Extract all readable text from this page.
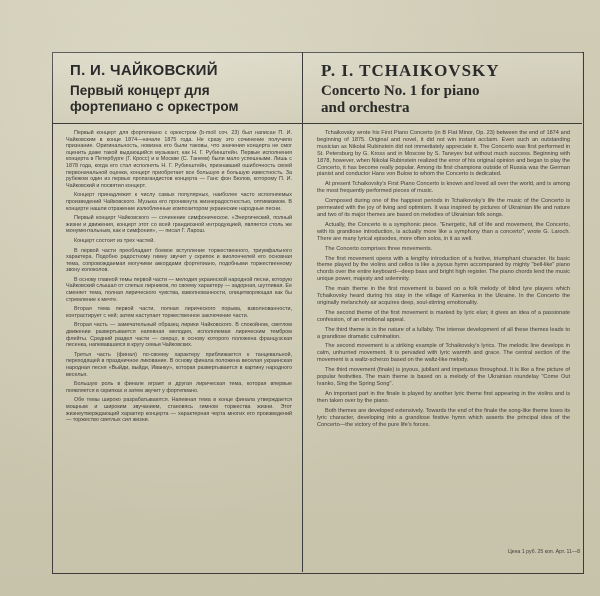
П. И. ЧАЙКОВСКИЙ
Первый концерт для
фортепиано с оркестром

Первый концерт для фортепиано с оркестром (b-moll соч. 23) был написан П. И. Чайковским в конце 1874—начале 1875 года. Не сразу это сочинение получило признание. Оригинальность, новизна его были таковы, что значения концерта не смог оценить даже такой выдающийся музыкант, как Н. Г. Рубинштейн. Первые исполнения концерта в Петербурге (Г. Кросс) и в Москве (С. Танеев) были мало успешными. Лишь с 1878 года, когда его стал исполнять Н. Г. Рубинштейн, признавший ошибочность своей первоначальной оценки, концерт приобретает все большую и большую известность. За рубежом один из первых пропагандистов концерта — Ганс фон Бюлов, которому П. И. Чайковский и посвятил концерт.

Концерт принадлежит к числу самых популярных, наиболее часто исполняемых произведений Чайковского. Музыка его проникнута жизнерадостностью, оптимизмом. В концерте нашли отражение излюбленные композитором украинские народные песни.

Первый концерт Чайковского — сочинение симфоническое. «Энергический, полный жизни и движения, концерт этот со всей грандиозной интродукцией, является столь же монументальным, как и симфония», — писал Г. Ларош.

Концерт состоит из трех частей.

В первой части преобладает боевое вступление торжественного, триумфального характера. Подобно радостному гимну звучит у скрипок и виолончелей его основная тема, сопровождаемая могучими аккордами фортепиано, подобными торжественному звону колоколов.

В основу главной темы первой части — мелодия украинской народной песни, которую Чайковский слышал от слепых лирников, по своему характеру — задорная, шутливая. Ее сменяет тема, полная лирического чувства, взволнованности, олицетворяющая как бы стремление к мечте.

Вторая тема первой части, полная лирического порыва, взволнованности, контрастирует с ней; затем наступает торжественное заключение части.

Вторая часть — замечательный образец лирики Чайковского. В спокойном, светлом движении развертывается напевная мелодия, исполняемая лирическим тембром флейты. Средний раздел части — скерцо, в основу которого положена французская песенка, напевавшаяся в кругу семьи Чайковских.

Третья часть (финал) по-своему характеру приближается к танцевальной, переходящей в праздничное ликование. В основу финала положена веселая украинская народная песня «Выйди, выйди, Иванку», которая развертывается в картину народного веселья.

Большую роль в финале играет и другая лирическая тема, которая впервые появляется в скрипках и затем звучит у фортепиано.

Обе темы широко разрабатываются. Напевная тема в конце финала утверждается мощным и широким звучанием, становясь гимном торжества жизни. Этот жизнеутверждающий характер концерта — характерная черта многих его произведений — торжество светлых сил жизни.

P. I. TCHAIKOVSKY
Concerto No. 1 for piano
and orchestra

Tchaikovsky wrote his First Piano Concerto (in B Flat Minor, Op. 23) between the end of 1874 and beginning of 1875. Original and novel, it did not win instant acclaim. Even such an outstanding musician as Nikolai Rubinstein did not immediately appreciate it. The Concerto was first performed in St. Petersburg by G. Kross and in Moscow by S. Taneyev but without much success. Beginning with 1878, however, when Nikolai Rubinstein realized the error of his original opinion and began to play the Concerto, it has become really popular. Among its first champions outside of Russia was the German pianist and conductor Hans von Bulow to whom the Concerto is dedicated.

At present Tchaikovsky's First Piano Concerto is known and loved all over the world, and is among the most frequently performed pieces of music.

Composed during one of the happiest periods in Tchaikovsky's life the music of the Concerto is permeated with the joy of living and optimism. It was inspired by pictures of Ukrainian life and nature and two of its major themes are based on melodies of Ukrainian folk songs.

Actually, the Concerto is a symphonic piece. "Energetic, full of life and movement, the Concerto, with its grandiose introduction, is actually more like a symphony than a concerto", wrote G. Laroch. There are many lyrical episodes, more often solos, in it as well.

The Concerto comprises three movements.

The first movement opens with a lengthy introduction of a festive, triumphant character. Its basic theme played by the violins and cellos is like a joyous hymn accompanied by mighty "bell-like" piano chords over the entire keyboard—deep bass and bright high register. The piano chords lend the music unique power, majesty and solemnity.

The main theme in the first movement is based on a folk melody of blind lyre players which Tchaikovsky heard during his stay in the village of Kamenka in the Ukraine. In the Concerto the originally melancholy air acquires deep, soul-stirring emotionality.

The second theme of the first movement is marked by lyric elan; it gives an idea of a passionate confession, of an emotional appeal.

The third theme is in the nature of a lullaby. The intense development of all these themes leads to a grandiose dramatic culmination.

The second movement is a striking example of Tchaikovsky's lyrics. The melodic line develops in calm, unhurried movement. It is pervaded with lyric warmth and grace. The central section of the movement is a waltz-scherzo based on the waltz-like melody.

The third movement (finale) is joyous, jubilant and impetuous throughout. It is like a fine picture of popular festivities. The main theme is based on a melody of the Ukrainian roundelay "Come Out Ivanko, Sing the Spring Song".

An important part in the finale is played by another lyric theme first appearing in the violins and is then taken over by the piano.

Both themes are developed extensively. Towards the end of the finale the song-like theme loses its lyric character, developing into a grandiose festive hymn which asserts the principal idea of the Concerto—the victory of the pure life's forces.

Цена 1 руб. 25 коп. Арт. 11—8
